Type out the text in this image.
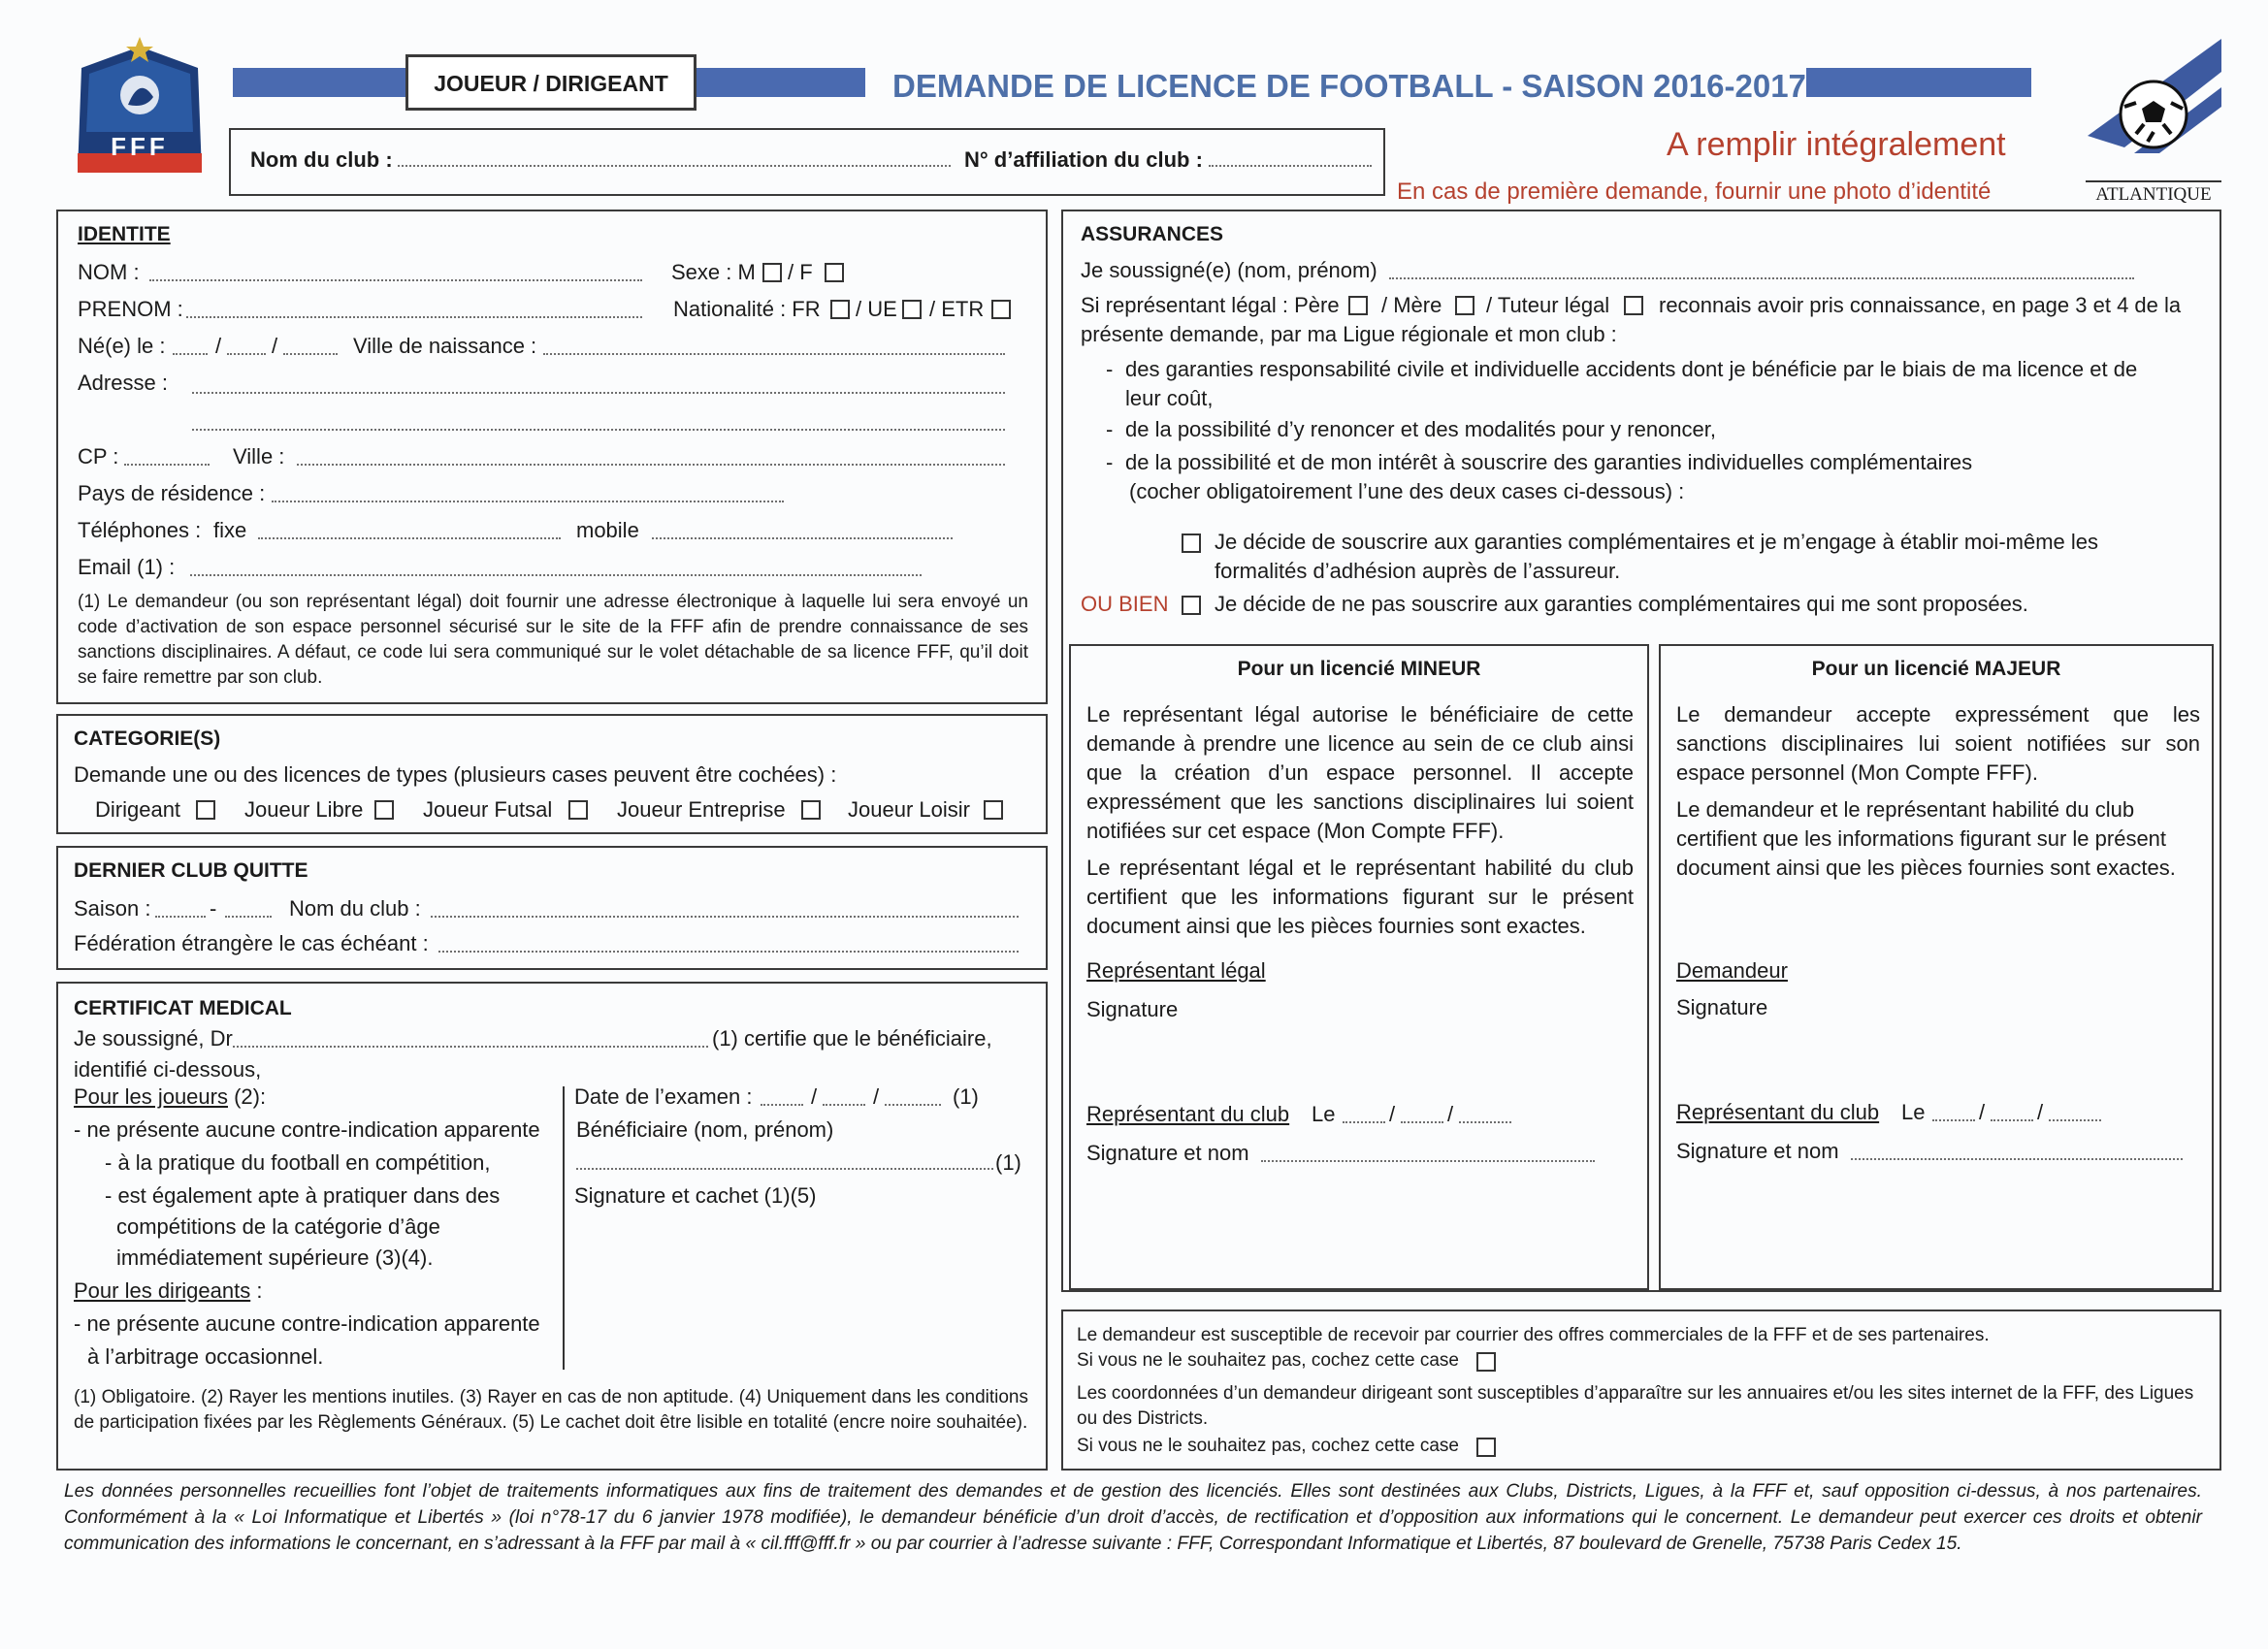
FFF
JOUEUR / DIRIGEANT	DEMANDE DE LICENCE DE FOOTBALL - SAISON 2016-2017
Nom du club :	N° d’affiliation du club :	A remplir intégralement
En cas de première demande, fournir une photo d’identité	ATLANTIQUE
IDENTITE
NOM :	Sexe : M / F
PRENOM :	Nationalité : FR / UE / ETR
Né(e) le : / /	Ville de naissance :
Adresse :
CP :	Ville :
Pays de résidence :
Téléphones : fixe	mobile
Email (1) :
(1) Le demandeur (ou son représentant légal) doit fournir une adresse électronique à laquelle lui sera envoyé un code d’activation de son espace personnel sécurisé sur le site de la FFF afin de prendre connaissance de ses sanctions disciplinaires. A défaut, ce code lui sera communiqué sur le volet détachable de sa licence FFF, qu’il doit se faire remettre par son club.
CATEGORIE(S)
Demande une ou des licences de types (plusieurs cases peuvent être cochées) :
Dirigeant	Joueur Libre	Joueur Futsal	Joueur Entreprise	Joueur Loisir
DERNIER CLUB QUITTE
Saison :	-	Nom du club :
Fédération étrangère le cas échéant :
CERTIFICAT MEDICAL
Je soussigné, Dr	(1) certifie que le bénéficiaire,
identifié ci-dessous,
Pour les joueurs (2):
- ne présente aucune contre-indication apparente
- à la pratique du football en compétition,
- est également apte à pratiquer dans des
compétitions de la catégorie d’âge
immédiatement supérieure (3)(4).
Pour les dirigeants :
- ne présente aucune contre-indication apparente
à l’arbitrage occasionnel.
Date de l’examen :	/	/	(1)
Bénéficiaire (nom, prénom)
(1)
Signature et cachet (1)(5)
(1) Obligatoire. (2) Rayer les mentions inutiles. (3) Rayer en cas de non aptitude. (4) Uniquement dans les conditions de participation fixées par les Règlements Généraux. (5) Le cachet doit être lisible en totalité (encre noire souhaitée).
ASSURANCES
Je soussigné(e) (nom, prénom)
Si représentant légal : Père / Mère / Tuteur légal reconnais avoir pris connaissance, en page 3 et 4 de la
présente demande, par ma Ligue régionale et mon club :
- des garanties responsabilité civile et individuelle accidents dont je bénéficie par le biais de ma licence et de
leur coût,
- de la possibilité d’y renoncer et des modalités pour y renoncer,
- de la possibilité et de mon intérêt à souscrire des garanties individuelles complémentaires
(cocher obligatoirement l’une des deux cases ci-dessous) :
Je décide de souscrire aux garanties complémentaires et je m’engage à établir moi-même les
formalités d’adhésion auprès de l’assureur.
OU BIEN Je décide de ne pas souscrire aux garanties complémentaires qui me sont proposées.
Pour un licencié MINEUR
Le représentant légal autorise le bénéficiaire de cette demande à prendre une licence au sein de ce club ainsi que la création d’un espace personnel. Il accepte expressément que les sanctions disciplinaires lui soient notifiées sur cet espace (Mon Compte FFF).
Le représentant légal et le représentant habilité du club certifient que les informations figurant sur le présent document ainsi que les pièces fournies sont exactes.
Représentant légal
Signature
Représentant du club Le	/ /
Signature et nom
Pour un licencié MAJEUR
Le demandeur accepte expressément que les sanctions disciplinaires lui soient notifiées sur son espace personnel (Mon Compte FFF).
Le demandeur et le représentant habilité du club certifient que les informations figurant sur le présent document ainsi que les pièces fournies sont exactes.
Demandeur
Signature
Représentant du club Le	/ /
Signature et nom
Le demandeur est susceptible de recevoir par courrier des offres commerciales de la FFF et de ses partenaires.
Si vous ne le souhaitez pas, cochez cette case
Les coordonnées d’un demandeur dirigeant sont susceptibles d’apparaître sur les annuaires et/ou les sites internet de la FFF, des Ligues ou des Districts.
Si vous ne le souhaitez pas, cochez cette case
Les données personnelles recueillies font l’objet de traitements informatiques aux fins de traitement des demandes et de gestion des licenciés. Elles sont destinées aux Clubs, Districts, Ligues, à la FFF et, sauf opposition ci-dessus, à nos partenaires. Conformément à la « Loi Informatique et Libertés » (loi n°78-17 du 6 janvier 1978 modifiée), le demandeur bénéficie d’un droit d’accès, de rectification et d’opposition aux informations qui le concernent. Le demandeur peut exercer ces droits et obtenir communication des informations le concernant, en s’adressant à la FFF par mail à « cil.fff@fff.fr » ou par courrier à l’adresse suivante : FFF, Correspondant Informatique et Libertés, 87 boulevard de Grenelle, 75738 Paris Cedex 15.
